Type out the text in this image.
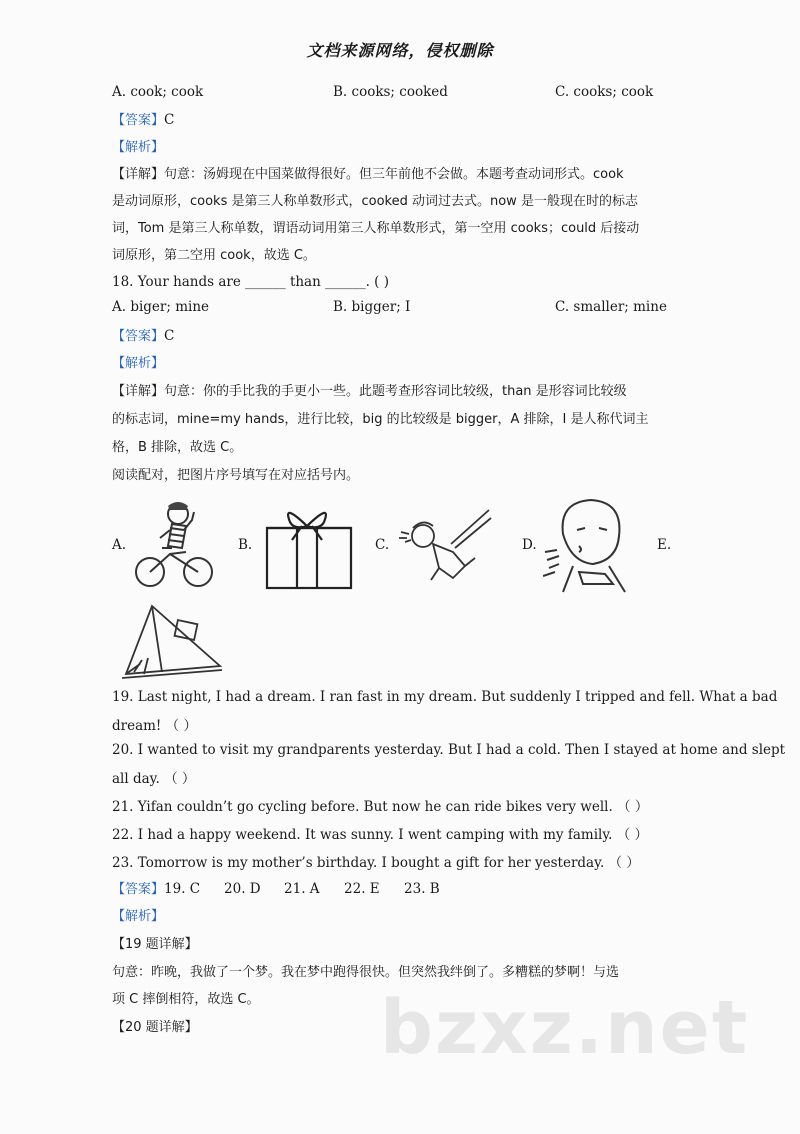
文档来源网络，侵权删除
A. cook; cook	B. cooks; cooked	C. cooks; cook
【答案】C
【解析】
【详解】句意：汤姆现在中国菜做得很好。但三年前他不会做。本题考查动词形式。cook
是动词原形，cooks 是第三人称单数形式，cooked 动词过去式。now 是一般现在时的标志
词，Tom 是第三人称单数，谓语动词用第三人称单数形式，第一空用 cooks；could 后接动
词原形，第二空用 cook，故选 C。
18. Your hands are ______ than ______. ( )
A. biger; mine	B. bigger; I	C. smaller; mine
【答案】C
【解析】
【详解】句意：你的手比我的手更小一些。此题考查形容词比较级，than 是形容词比较级
的标志词，mine=my hands，进行比较，big 的比较级是 bigger，A 排除，I 是人称代词主
格，B 排除，故选 C。
阅读配对，把图片序号填写在对应括号内。
A.	B.	C.	D.	E.
19. Last night, I had a dream. I ran fast in my dream. But suddenly I tripped and fell. What a bad
dream! （ ）
20. I wanted to visit my grandparents yesterday. But I had a cold. Then I stayed at home and slept
all day. （ ）
21. Yifan couldn’t go cycling before. But now he can ride bikes very well. （ ）
22. I had a happy weekend. It was sunny. I went camping with my family. （ ）
23. Tomorrow is my mother’s birthday. I bought a gift for her yesterday. （ ）
【答案】19. C 20. D 21. A 22. E 23. B
【解析】
【19 题详解】
句意：昨晚，我做了一个梦。我在梦中跑得很快。但突然我绊倒了。多糟糕的梦啊！与选
项 C 摔倒相符，故选 C。
【20 题详解】 bzxz.net
